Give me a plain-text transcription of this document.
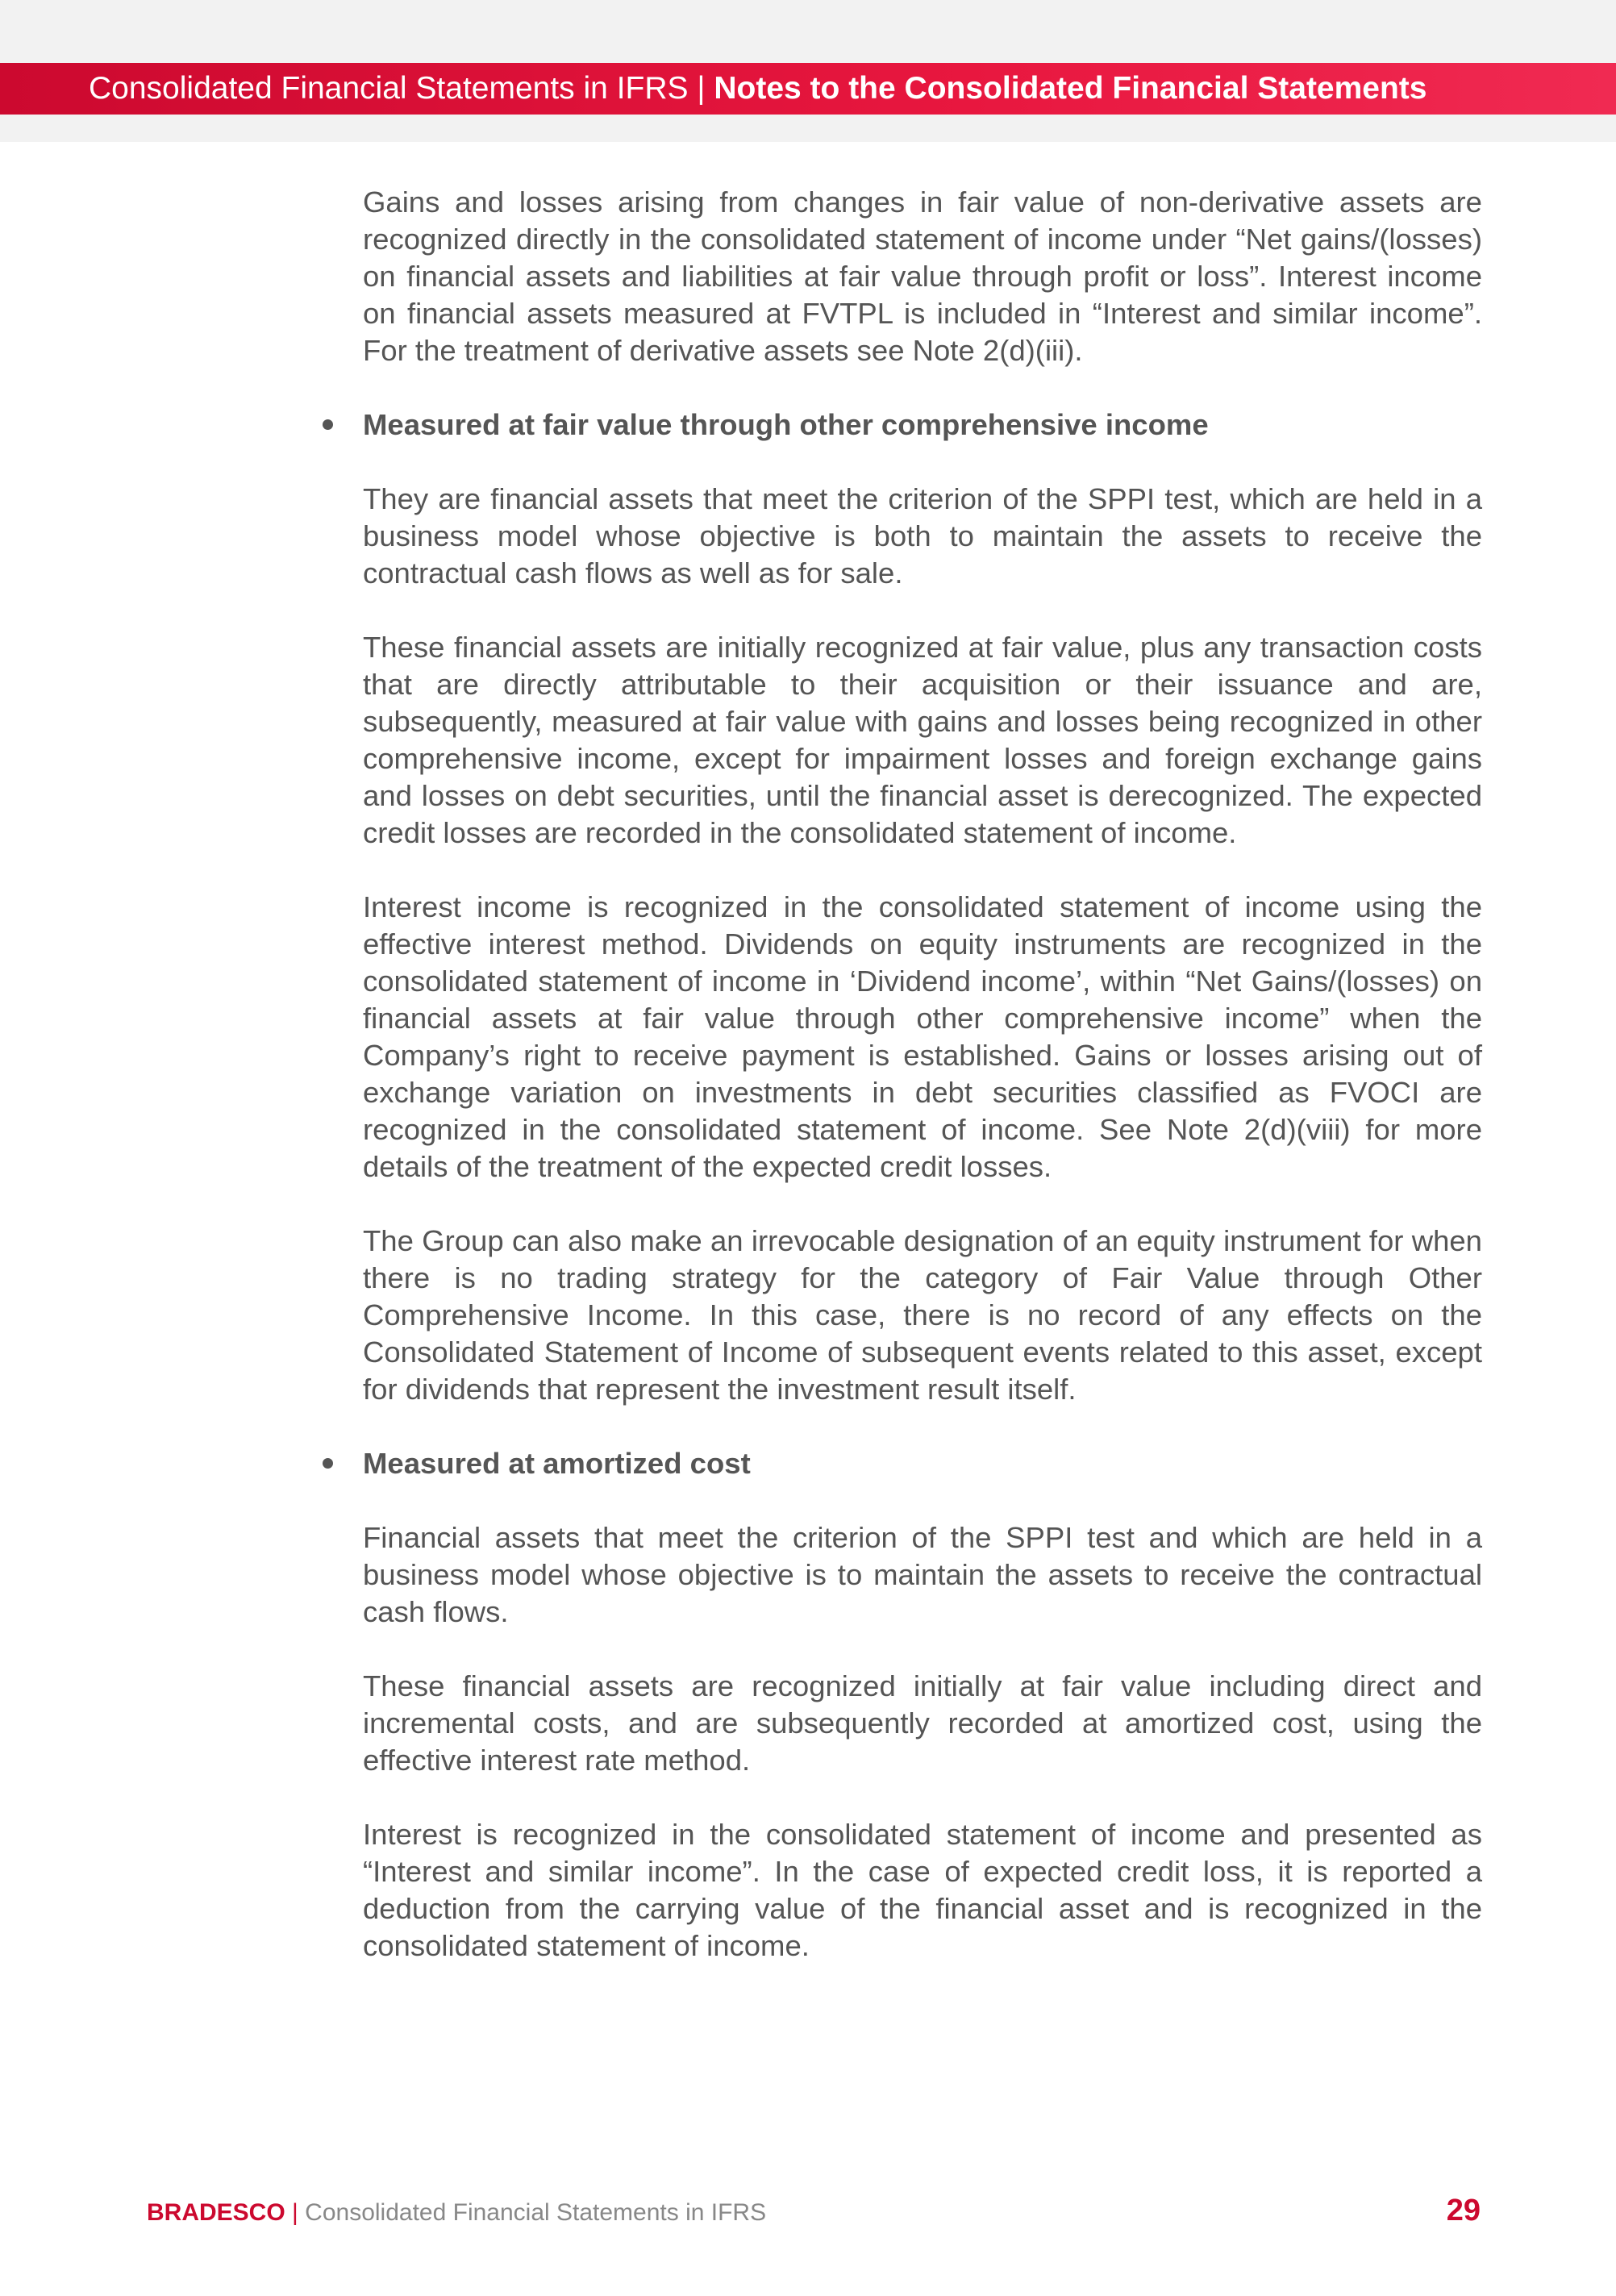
Consolidated Financial Statements in IFRS | Notes to the Consolidated Financial Statements

Gains and losses arising from changes in fair value of non-derivative assets are recognized directly in the consolidated statement of income under “Net gains/(losses) on financial assets and liabilities at fair value through profit or loss”. Interest income on financial assets measured at FVTPL is included in “Interest and similar income”. For the treatment of derivative assets see Note 2(d)(iii).

Measured at fair value through other comprehensive income

They are financial assets that meet the criterion of the SPPI test, which are held in a business model whose objective is both to maintain the assets to receive the contractual cash flows as well as for sale.

These financial assets are initially recognized at fair value, plus any transaction costs that are directly attributable to their acquisition or their issuance and are, subsequently, measured at fair value with gains and losses being recognized in other comprehensive income, except for impairment losses and foreign exchange gains and losses on debt securities, until the financial asset is derecognized. The expected credit losses are recorded in the consolidated statement of income.

Interest income is recognized in the consolidated statement of income using the effective interest method. Dividends on equity instruments are recognized in the consolidated statement of income in ‘Dividend income’, within “Net Gains/(losses) on financial assets at fair value through other comprehensive income” when the Company’s right to receive payment is established. Gains or losses arising out of exchange variation on investments in debt securities classified as FVOCI are recognized in the consolidated statement of income. See Note 2(d)(viii) for more details of the treatment of the expected credit losses.

The Group can also make an irrevocable designation of an equity instrument for when there is no trading strategy for the category of Fair Value through Other Comprehensive Income. In this case, there is no record of any effects on the Consolidated Statement of Income of subsequent events related to this asset, except for dividends that represent the investment result itself.

Measured at amortized cost

Financial assets that meet the criterion of the SPPI test and which are held in a business model whose objective is to maintain the assets to receive the contractual cash flows.

These financial assets are recognized initially at fair value including direct and incremental costs, and are subsequently recorded at amortized cost, using the effective interest rate method.

Interest is recognized in the consolidated statement of income and presented as “Interest and similar income”. In the case of expected credit loss, it is reported a deduction from the carrying value of the financial asset and is recognized in the consolidated statement of income.

BRADESCO | Consolidated Financial Statements in IFRS	29
